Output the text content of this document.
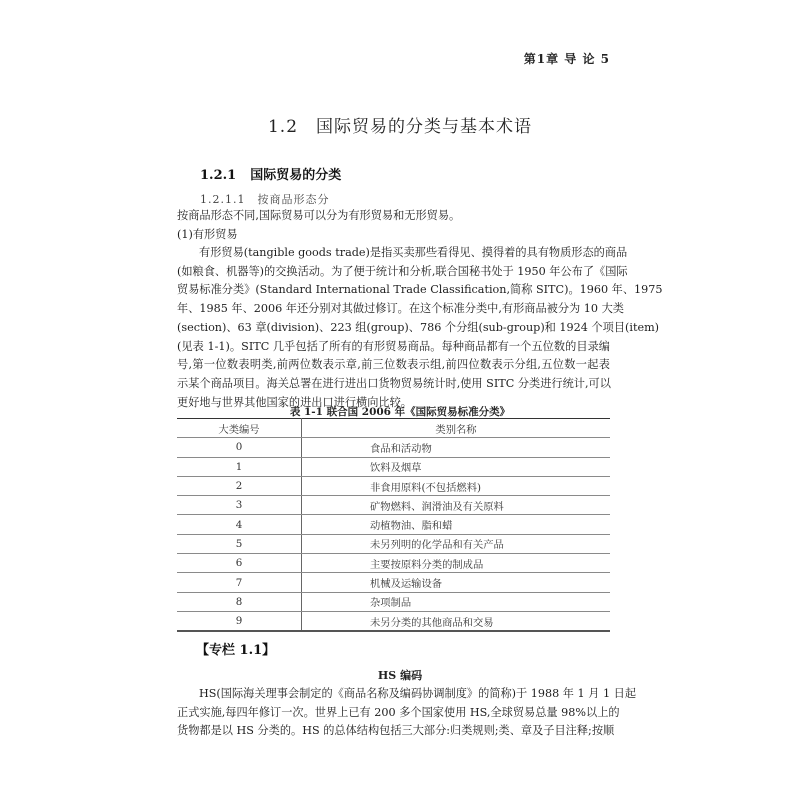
第1章 导 论 5
1.2 国际贸易的分类与基本术语
1.2.1 国际贸易的分类
1.2.1.1 按商品形态分
按商品形态不同,国际贸易可以分为有形贸易和无形贸易。
(1)有形贸易
有形贸易(tangible goods trade)是指买卖那些看得见、摸得着的具有物质形态的商品
(如粮食、机器等)的交换活动。为了便于统计和分析,联合国秘书处于 1950 年公布了《国际
贸易标准分类》(Standard International Trade Classification,简称 SITC)。1960 年、1975
年、1985 年、2006 年还分别对其做过修订。在这个标准分类中,有形商品被分为 10 大类
(section)、63 章(division)、223 组(group)、786 个分组(sub-group)和 1924 个项目(item)
(见表 1-1)。SITC 几乎包括了所有的有形贸易商品。每种商品都有一个五位数的目录编
号,第一位数表明类,前两位数表示章,前三位数表示组,前四位数表示分组,五位数一起表
示某个商品项目。海关总署在进行进出口货物贸易统计时,使用 SITC 分类进行统计,可以
更好地与世界其他国家的进出口进行横向比较。
表 1-1 联合国 2006 年《国际贸易标准分类》
大类编号	类别名称
0	食品和活动物
1	饮料及烟草
2	非食用原料(不包括燃料)
3	矿物燃料、润滑油及有关原料
4	动植物油、脂和蜡
5	未另列明的化学品和有关产品
6	主要按原料分类的制成品
7	机械及运输设备
8	杂项制品
9	未另分类的其他商品和交易
【专栏 1.1】
HS 编码
HS(国际海关理事会制定的《商品名称及编码协调制度》的简称)于 1988 年 1 月 1 日起
正式实施,每四年修订一次。世界上已有 200 多个国家使用 HS,全球贸易总量 98%以上的
货物都是以 HS 分类的。HS 的总体结构包括三大部分:归类规则;类、章及子目注释;按顺
